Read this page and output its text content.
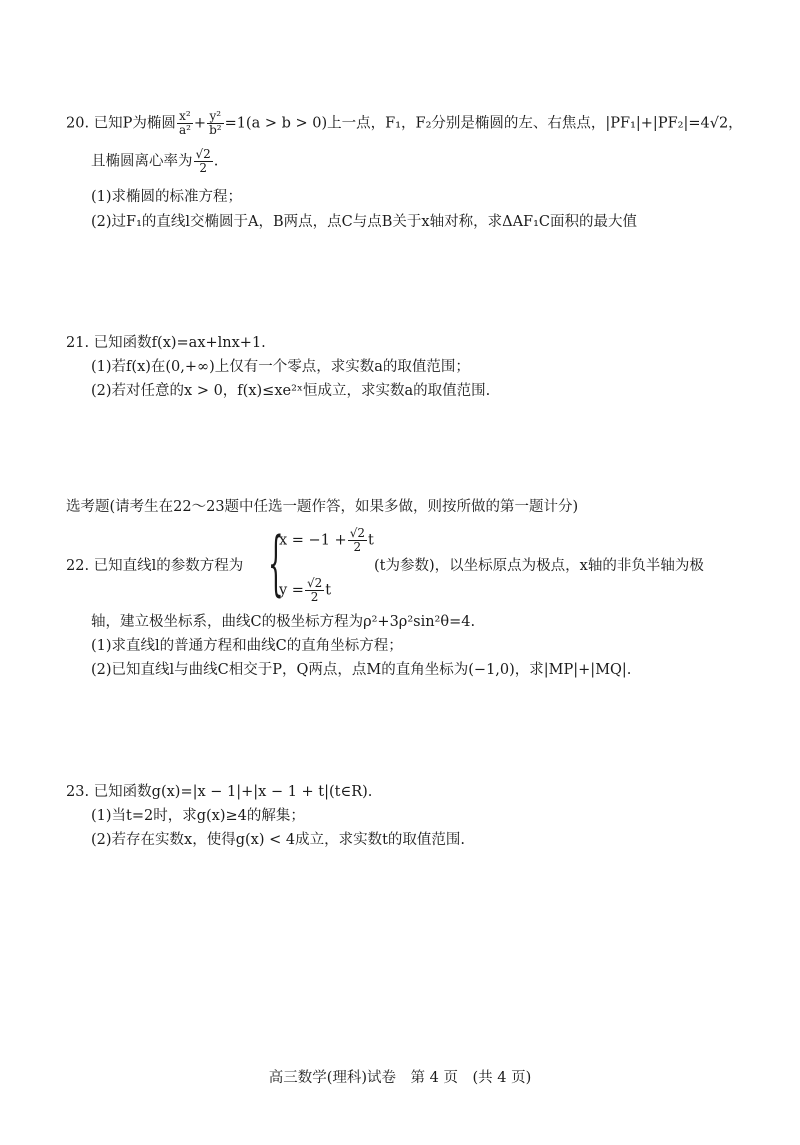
20. 已知P为椭圆 $\frac{\text{x²}}{\text{a²}} + \frac{\text{y²}}{\text{b²}} =1(a > b > 0)$上一点，F₁，F₂分别是椭圆的左、右焦点，|PF₁|+|PF₂|=4√2，
且椭圆离心率为 $\frac{√2}{2}$ .
(1)求椭圆的标准方程；
(2)过F₁的直线l交椭圆于A，B两点，点C与点B关于x轴对称，求ΔAF₁C面积的最大值
21. 已知函数f(x)=ax+lnx+1.
(1)若f(x)在(0,+∞)上仅有一个零点，求实数a的取值范围；
(2)若对任意的x > 0，f(x)≤xe²ˣ恒成立，求实数a的取值范围.
选考题(请考生在22～23题中任选一题作答，如果多做，则按所做的第一题计分)
22. 已知直线l的参数方程为 {
$x = -1 + \frac{√2}{2}$ t
$y = \frac{√2}{2}$ t
(t为参数)，以坐标原点为极点，x轴的非负半轴为极
轴，建立极坐标系，曲线C的极坐标方程为ρ²+3ρ²sin²θ=4.
(1)求直线l的普通方程和曲线C的直角坐标方程；
(2)已知直线l与曲线C相交于P，Q两点，点M的直角坐标为(−1,0)，求|MP|+|MQ|.
23. 已知函数g(x)=|x − 1|+|x − 1 + t|(t∈R).
(1)当t=2时，求g(x)≥4的解集；
(2)若存在实数x，使得g(x) < 4成立，求实数t的取值范围.
高三数学(理科)试卷　第 4 页　(共 4 页)
